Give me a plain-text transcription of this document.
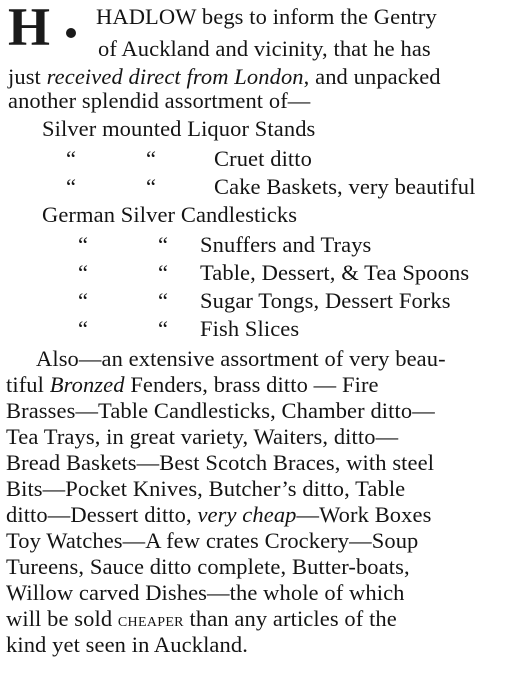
H HADLOW begs to inform the Gentry
of Auckland and vicinity, that he has
just received direct from London, and unpacked
another splendid assortment of—
Silver mounted Liquor Stands
“	“	Cruet ditto
“	“	Cake Baskets, very beautiful
German Silver Candlesticks
“	“ Snuffers and Trays
“	“ Table, Dessert, & Tea Spoons
“	“ Sugar Tongs, Dessert Forks
“	“ Fish Slices
Also—an extensive assortment of very beau-
tiful Bronzed Fenders, brass ditto — Fire
Brasses—Table Candlesticks, Chamber ditto—
Tea Trays, in great variety, Waiters, ditto—
Bread Baskets—Best Scotch Braces, with steel
Bits—Pocket Knives, Butcher’s ditto, Table
ditto—Dessert ditto, very cheap—Work Boxes
Toy Watches—A few crates Crockery—Soup
Tureens, Sauce ditto complete, Butter-boats,
Willow carved Dishes—the whole of which
will be sold CHEAPER than any articles of the
kind yet seen in Auckland.
